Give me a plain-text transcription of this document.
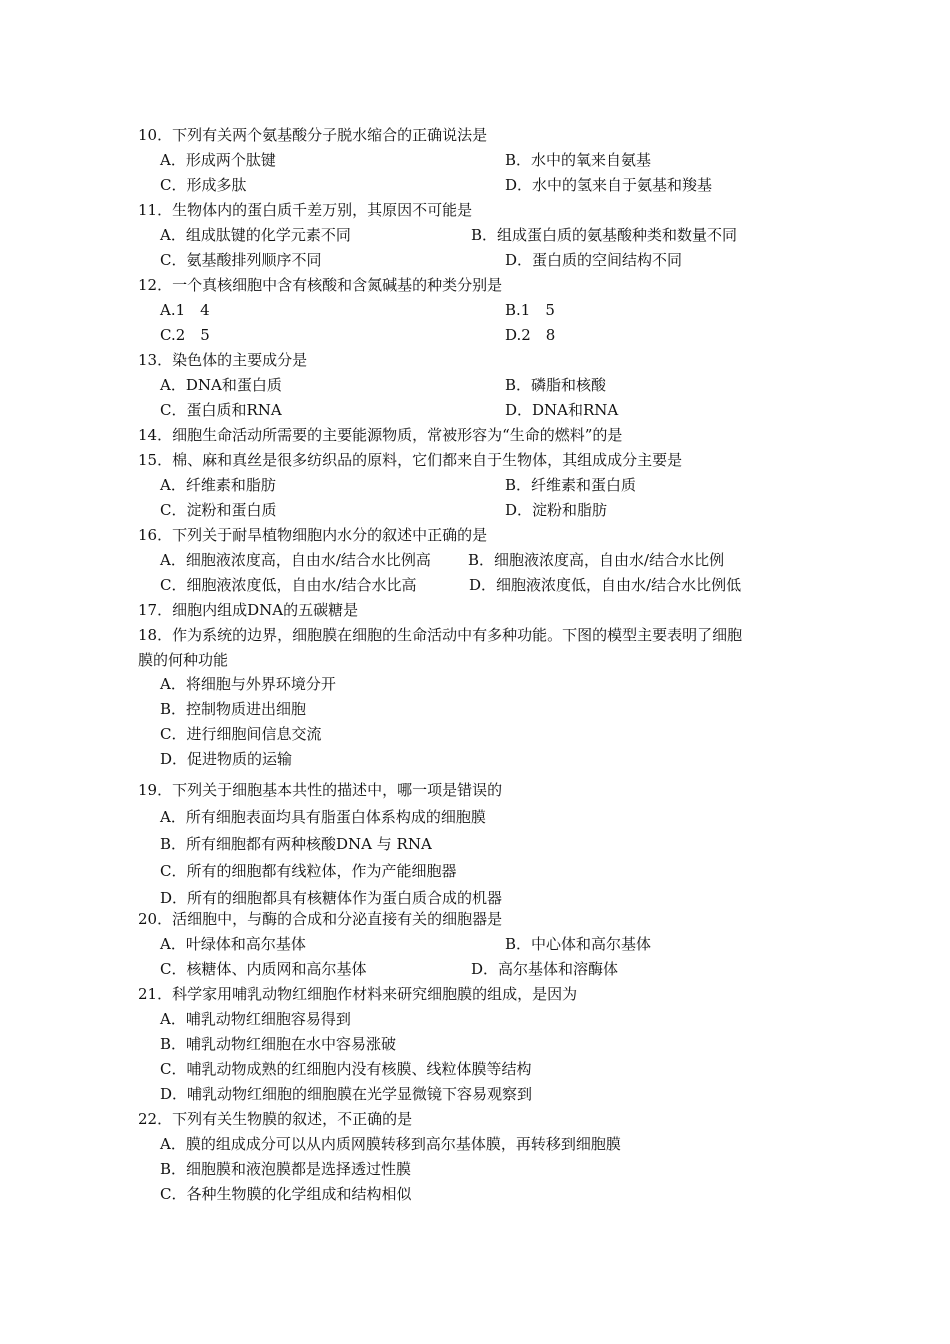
10．下列有关两个氨基酸分子脱水缩合的正确说法是
A．形成两个肽键	B．水中的氧来自氨基
C．形成多肽	D．水中的氢来自于氨基和羧基
11．生物体内的蛋白质千差万别，其原因不可能是
A．组成肽键的化学元素不同	B．组成蛋白质的氨基酸种类和数量不同
C．氨基酸排列顺序不同	D．蛋白质的空间结构不同
12．一个真核细胞中含有核酸和含氮碱基的种类分别是
A.1　4	B.1　5
C.2　5	D.2　8
13．染色体的主要成分是
A．DNA和蛋白质	B．磷脂和核酸
C．蛋白质和RNA	D．DNA和RNA
14．细胞生命活动所需要的主要能源物质，常被形容为“生命的燃料”的是
15．棉、麻和真丝是很多纺织品的原料，它们都来自于生物体，其组成成分主要是
A．纤维素和脂肪	B．纤维素和蛋白质
C．淀粉和蛋白质	D．淀粉和脂肪
16．下列关于耐旱植物细胞内水分的叙述中正确的是
A．细胞液浓度高，自由水/结合水比例高 B．细胞液浓度高，自由水/结合水比例
C．细胞液浓度低，自由水/结合水比高	D．细胞液浓度低，自由水/结合水比例低
17．细胞内组成DNA的五碳糖是
18．作为系统的边界，细胞膜在细胞的生命活动中有多种功能。下图的模型主要表明了细胞
膜的何种功能
A．将细胞与外界环境分开
B．控制物质进出细胞
C．进行细胞间信息交流
D．促进物质的运输
19．下列关于细胞基本共性的描述中，哪一项是错误的
A．所有细胞表面均具有脂蛋白体系构成的细胞膜
B．所有细胞都有两种核酸DNA 与 RNA
C．所有的细胞都有线粒体，作为产能细胞器
D．所有的细胞都具有核糖体作为蛋白质合成的机器
20．活细胞中，与酶的合成和分泌直接有关的细胞器是
A．叶绿体和高尔基体	B．中心体和高尔基体
C．核糖体、内质网和高尔基体	D．高尔基体和溶酶体
21．科学家用哺乳动物红细胞作材料来研究细胞膜的组成，是因为
A．哺乳动物红细胞容易得到
B．哺乳动物红细胞在水中容易涨破
C．哺乳动物成熟的红细胞内没有核膜、线粒体膜等结构
D．哺乳动物红细胞的细胞膜在光学显微镜下容易观察到
22．下列有关生物膜的叙述，不正确的是
A．膜的组成成分可以从内质网膜转移到高尔基体膜，再转移到细胞膜
B．细胞膜和液泡膜都是选择透过性膜
C．各种生物膜的化学组成和结构相似
